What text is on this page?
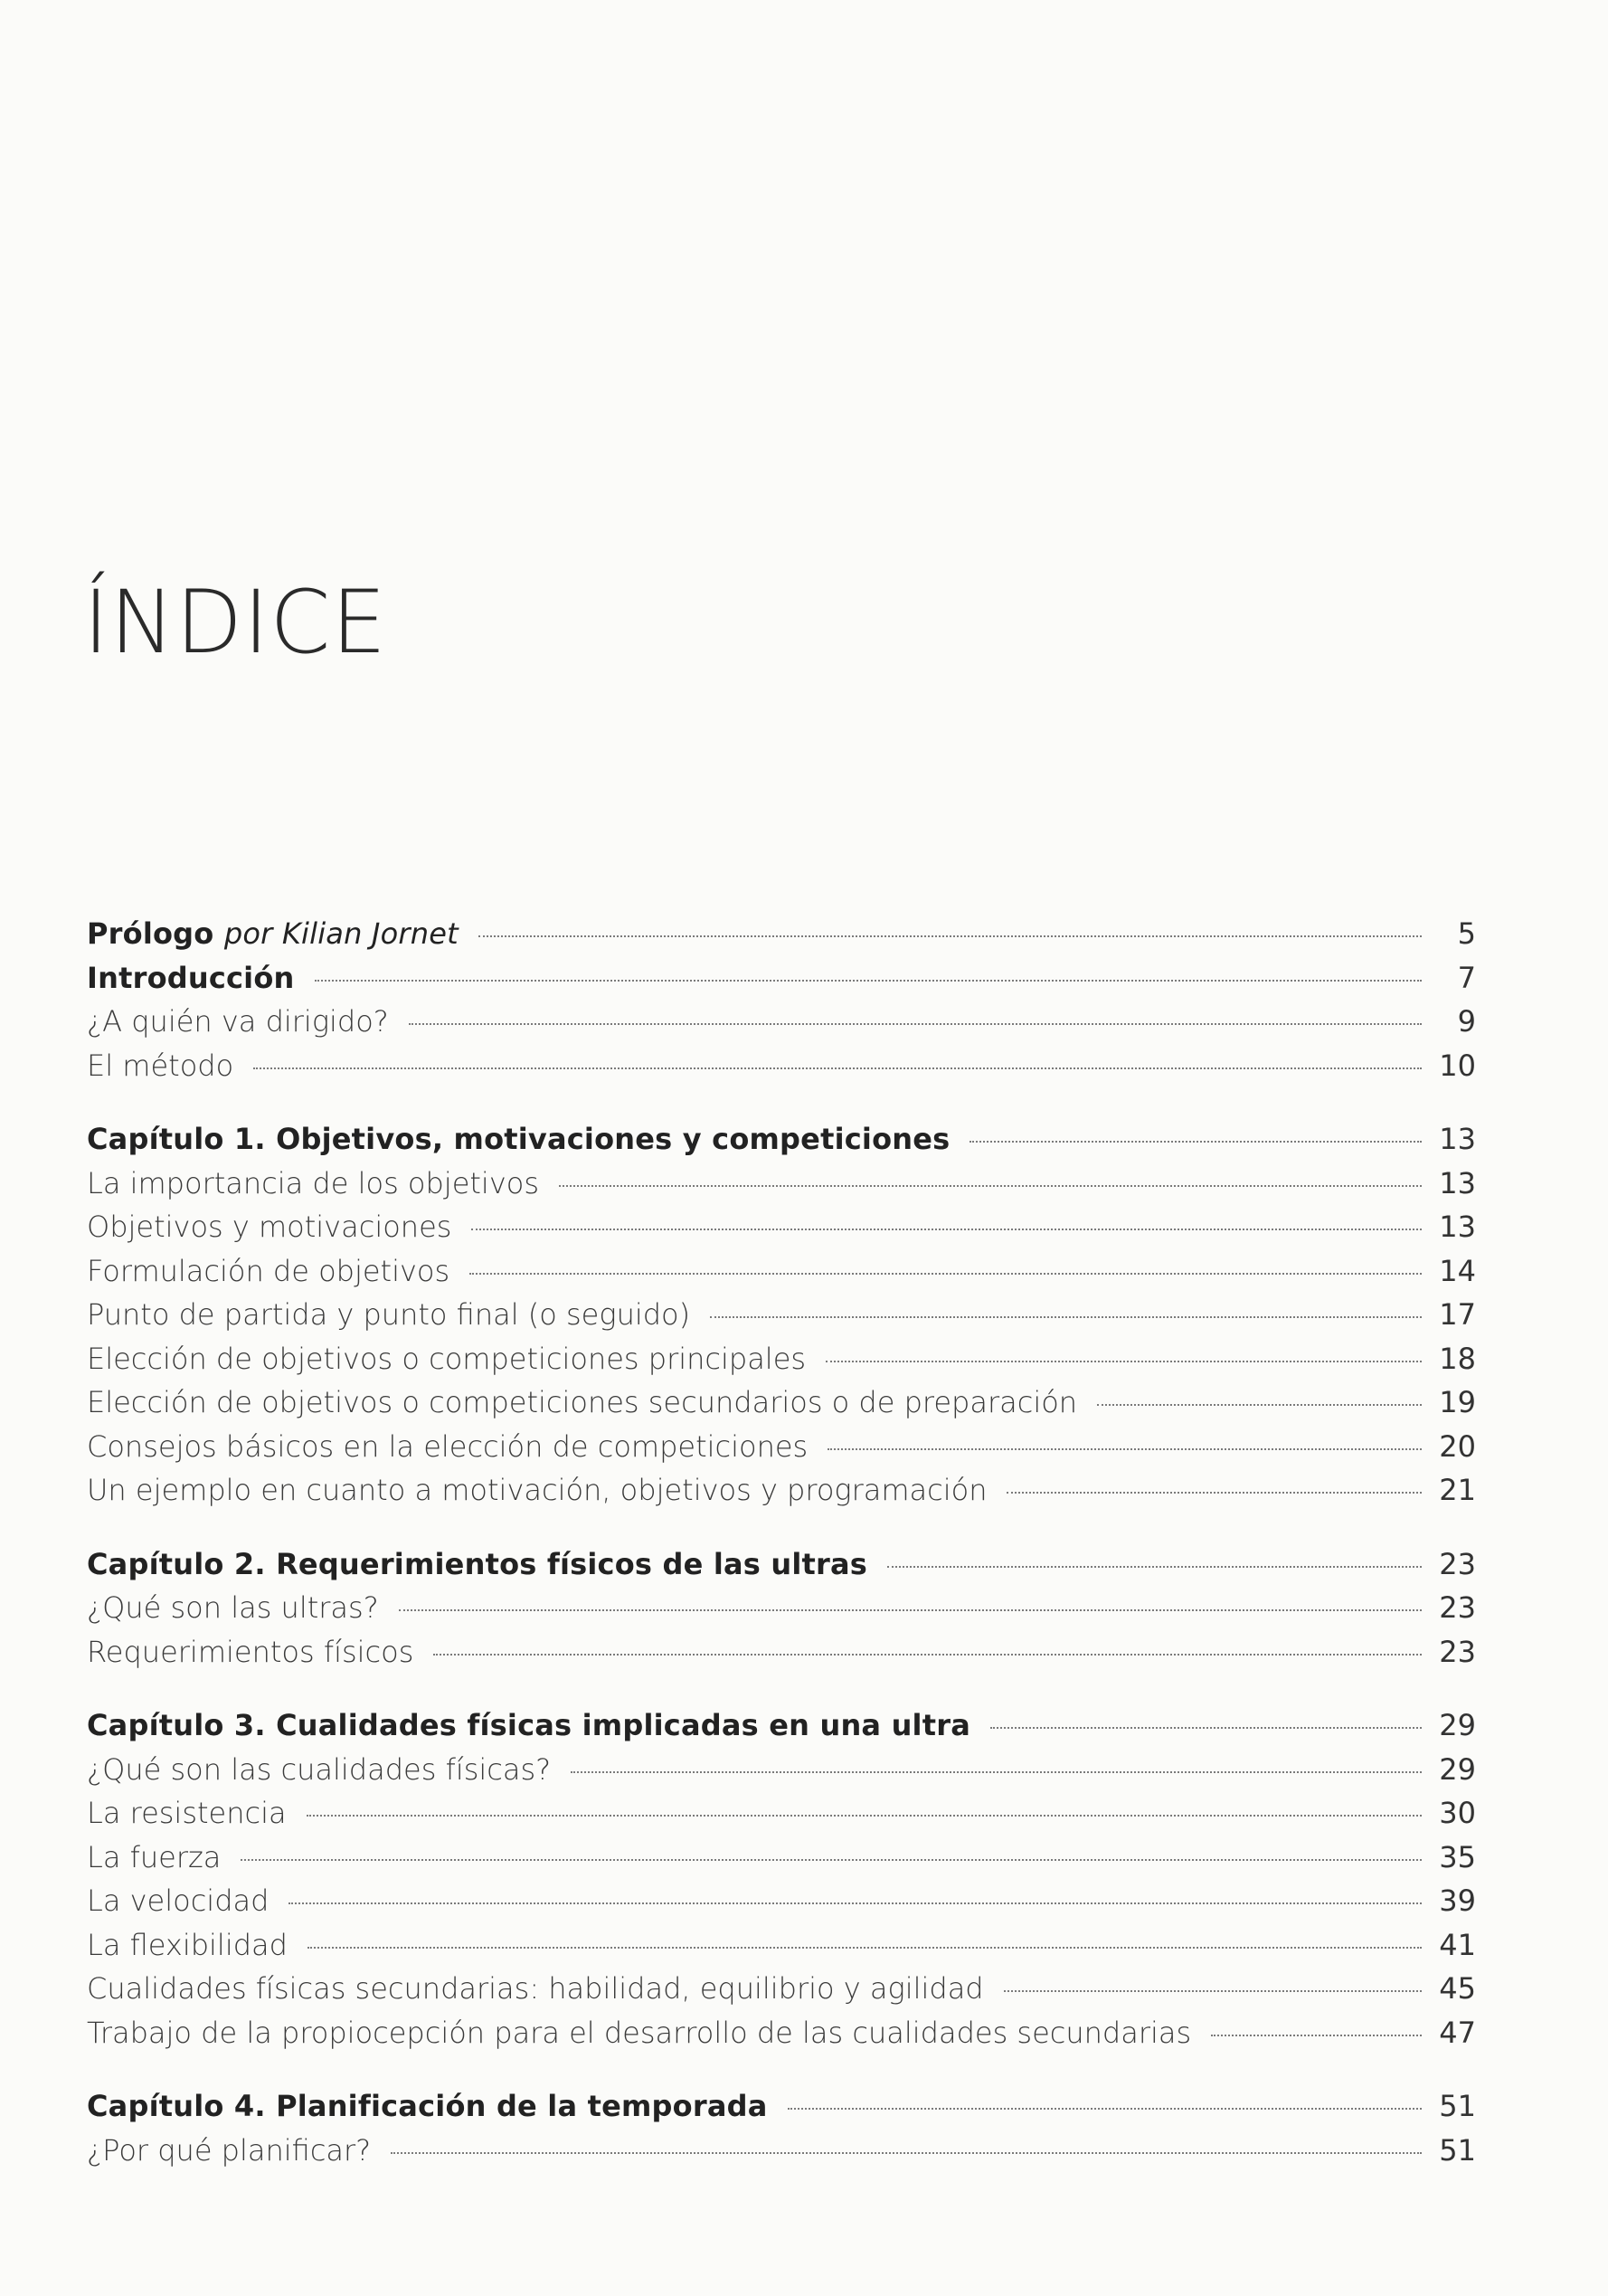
ÍNDICE
Prólogo por Kilian Jornet	5
Introducción	7
¿A quién va dirigido?	9
El método	10
Capítulo 1. Objetivos, motivaciones y competiciones	13
La importancia de los objetivos	13
Objetivos y motivaciones	13
Formulación de objetivos	14
Punto de partida y punto final (o seguido)	17
Elección de objetivos o competiciones principales	18
Elección de objetivos o competiciones secundarios o de preparación	19
Consejos básicos en la elección de competiciones	20
Un ejemplo en cuanto a motivación, objetivos y programación	21
Capítulo 2. Requerimientos físicos de las ultras	23
¿Qué son las ultras?	23
Requerimientos físicos	23
Capítulo 3. Cualidades físicas implicadas en una ultra	29
¿Qué son las cualidades físicas?	29
La resistencia	30
La fuerza	35
La velocidad	39
La flexibilidad	41
Cualidades físicas secundarias: habilidad, equilibrio y agilidad	45
Trabajo de la propiocepción para el desarrollo de las cualidades secundarias	47
Capítulo 4. Planificación de la temporada	51
¿Por qué planificar?	51
